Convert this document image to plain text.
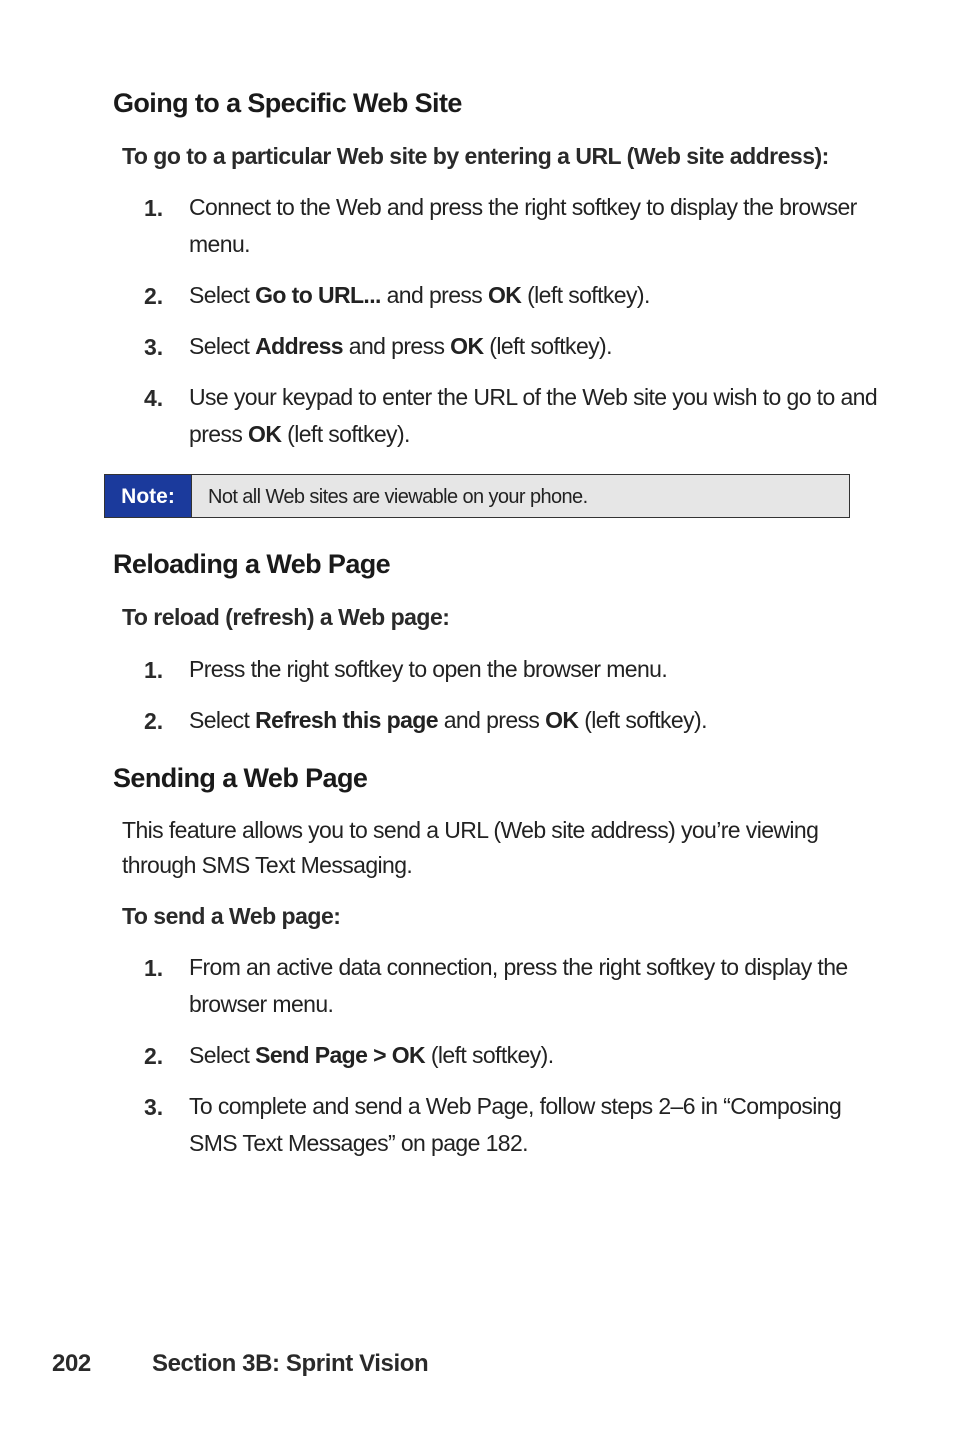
Going to a Specific Web Site
To go to a particular Web site by entering a URL (Web site address):
1. Connect to the Web and press the right softkey to display the browser menu.
2. Select Go to URL... and press OK (left softkey).
3. Select Address and press OK (left softkey).
4. Use your keypad to enter the URL of the Web site you wish to go to and press OK (left softkey).
Note:	Not all Web sites are viewable on your phone.
Reloading a Web Page
To reload (refresh) a Web page:
1. Press the right softkey to open the browser menu.
2. Select Refresh this page and press OK (left softkey).
Sending a Web Page
This feature allows you to send a URL (Web site address) you’re viewing through SMS Text Messaging.
To send a Web page:
1. From an active data connection, press the right softkey to display the browser menu.
2. Select Send Page > OK (left softkey).
3. To complete and send a Web Page, follow steps 2–6 in “Composing SMS Text Messages” on page 182.
202	Section 3B: Sprint Vision
